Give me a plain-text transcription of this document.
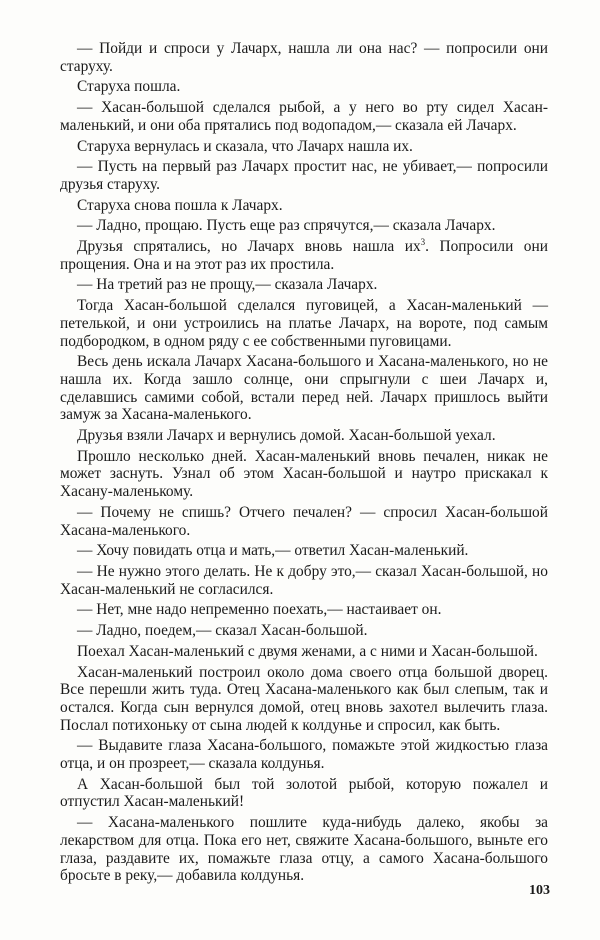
— Пойди и спроси у Лачарх, нашла ли она нас? — попросили они старуху.

Старуха пошла.

— Хасан-большой сделался рыбой, а у него во рту сидел Хасан-маленький, и они оба прятались под водопадом,— сказала ей Лачарх.

Старуха вернулась и сказала, что Лачарх нашла их.

— Пусть на первый раз Лачарх простит нас, не убивает,— попросили друзья старуху.

Старуха снова пошла к Лачарх.

— Ладно, прощаю. Пусть еще раз спрячутся,— сказала Лачарх.

Друзья спрятались, но Лачарх вновь нашла $их^3$. Попросили они прощения. Она и на этот раз их простила.

— На третий раз не прощу,— сказала Лачарх.

Тогда Хасан-большой сделался пуговицей, а Хасан-маленький — петелькой, и они устроились на платье Лачарх, на вороте, под самым подбородком, в одном ряду с ее собственными пуговицами.

Весь день искала Лачарх Хасана-большого и Хасана-маленького, но не нашла их. Когда зашло солнце, они спрыгнули с шеи Лачарх и, сделавшись самими собой, встали перед ней. Лачарх пришлось выйти замуж за Хасана-маленького.

Друзья взяли Лачарх и вернулись домой. Хасан-большой уехал.

Прошло несколько дней. Хасан-маленький вновь печален, никак не может заснуть. Узнал об этом Хасан-большой и наутро прискакал к Хасану-маленькому.

— Почему не спишь? Отчего печален? — спросил Хасан-большой Хасана-маленького.

— Хочу повидать отца и мать,— ответил Хасан-маленький.

— Не нужно этого делать. Не к добру это,— сказал Хасан-большой, но Хасан-маленький не согласился.

— Нет, мне надо непременно поехать,— настаивает он.

— Ладно, поедем,— сказал Хасан-большой.

Поехал Хасан-маленький с двумя женами, а с ними и Хасан-большой.

Хасан-маленький построил около дома своего отца большой дворец. Все перешли жить туда. Отец Хасана-маленького как был слепым, так и остался. Когда сын вернулся домой, отец вновь захотел вылечить глаза. Послал потихоньку от сына людей к колдунье и спросил, как быть.

— Выдавите глаза Хасана-большого, помажьте этой жидкостью глаза отца, и он прозреет,— сказала колдунья.

А Хасан-большой был той золотой рыбой, которую пожалел и отпустил Хасан-маленький!

— Хасана-маленького пошлите куда-нибудь далеко, якобы за лекарством для отца. Пока его нет, свяжите Хасана-большого, выньте его глаза, раздавите их, помажьте глаза отцу, а самого Хасана-большого бросьте в реку,— добавила колдунья.

103
